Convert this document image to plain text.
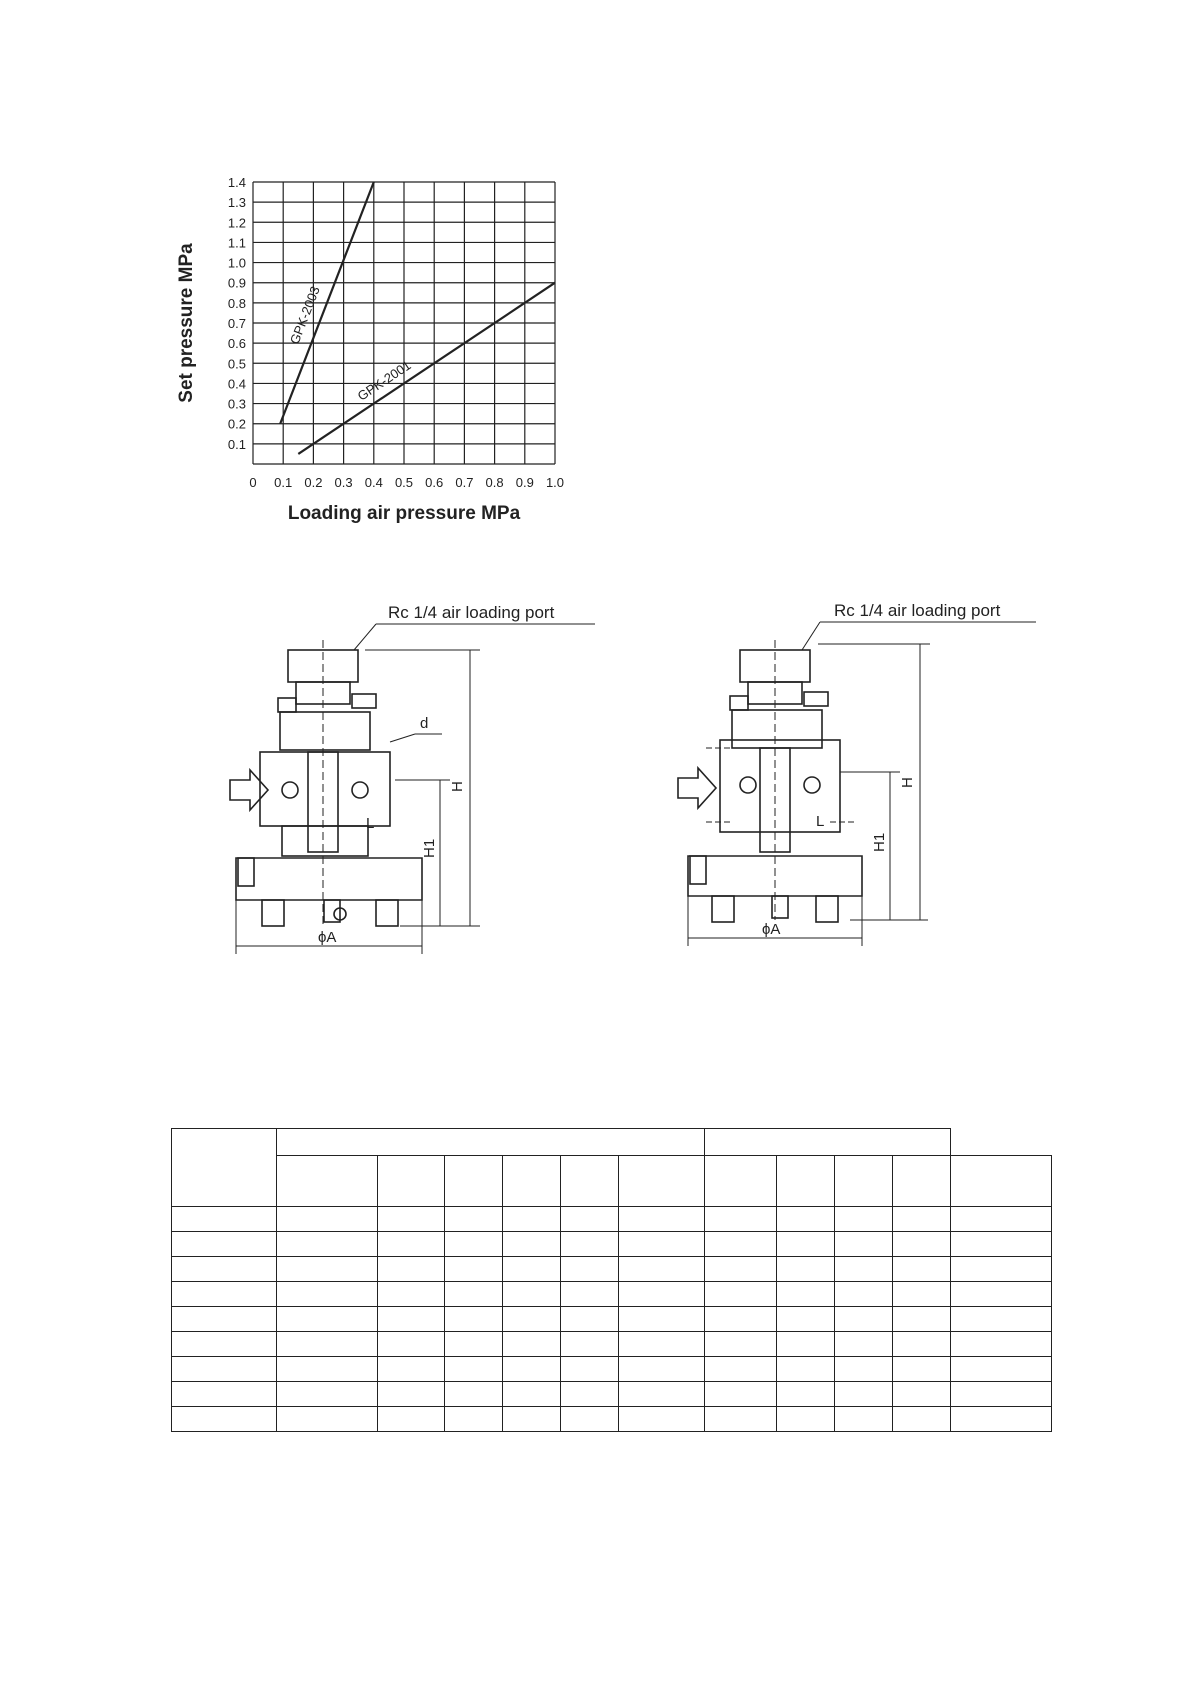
0 0.1 0.2 0.3 0.4 0.5 0.6 0.7 0.8 0.9 1.0
0.1
0.2
0.3
0.4
0.5
0.6
0.7
0.8
0.9
1.0
1.1
1.2
1.3
1.4
GPK-2003
GPK-2001
Loading air pressure MPa
Set pressure MPa
Rc 1/4 air loading port
d
L
H
H1
ϕA
Rc 1/4 air loading port
L
H
H1
ϕA
